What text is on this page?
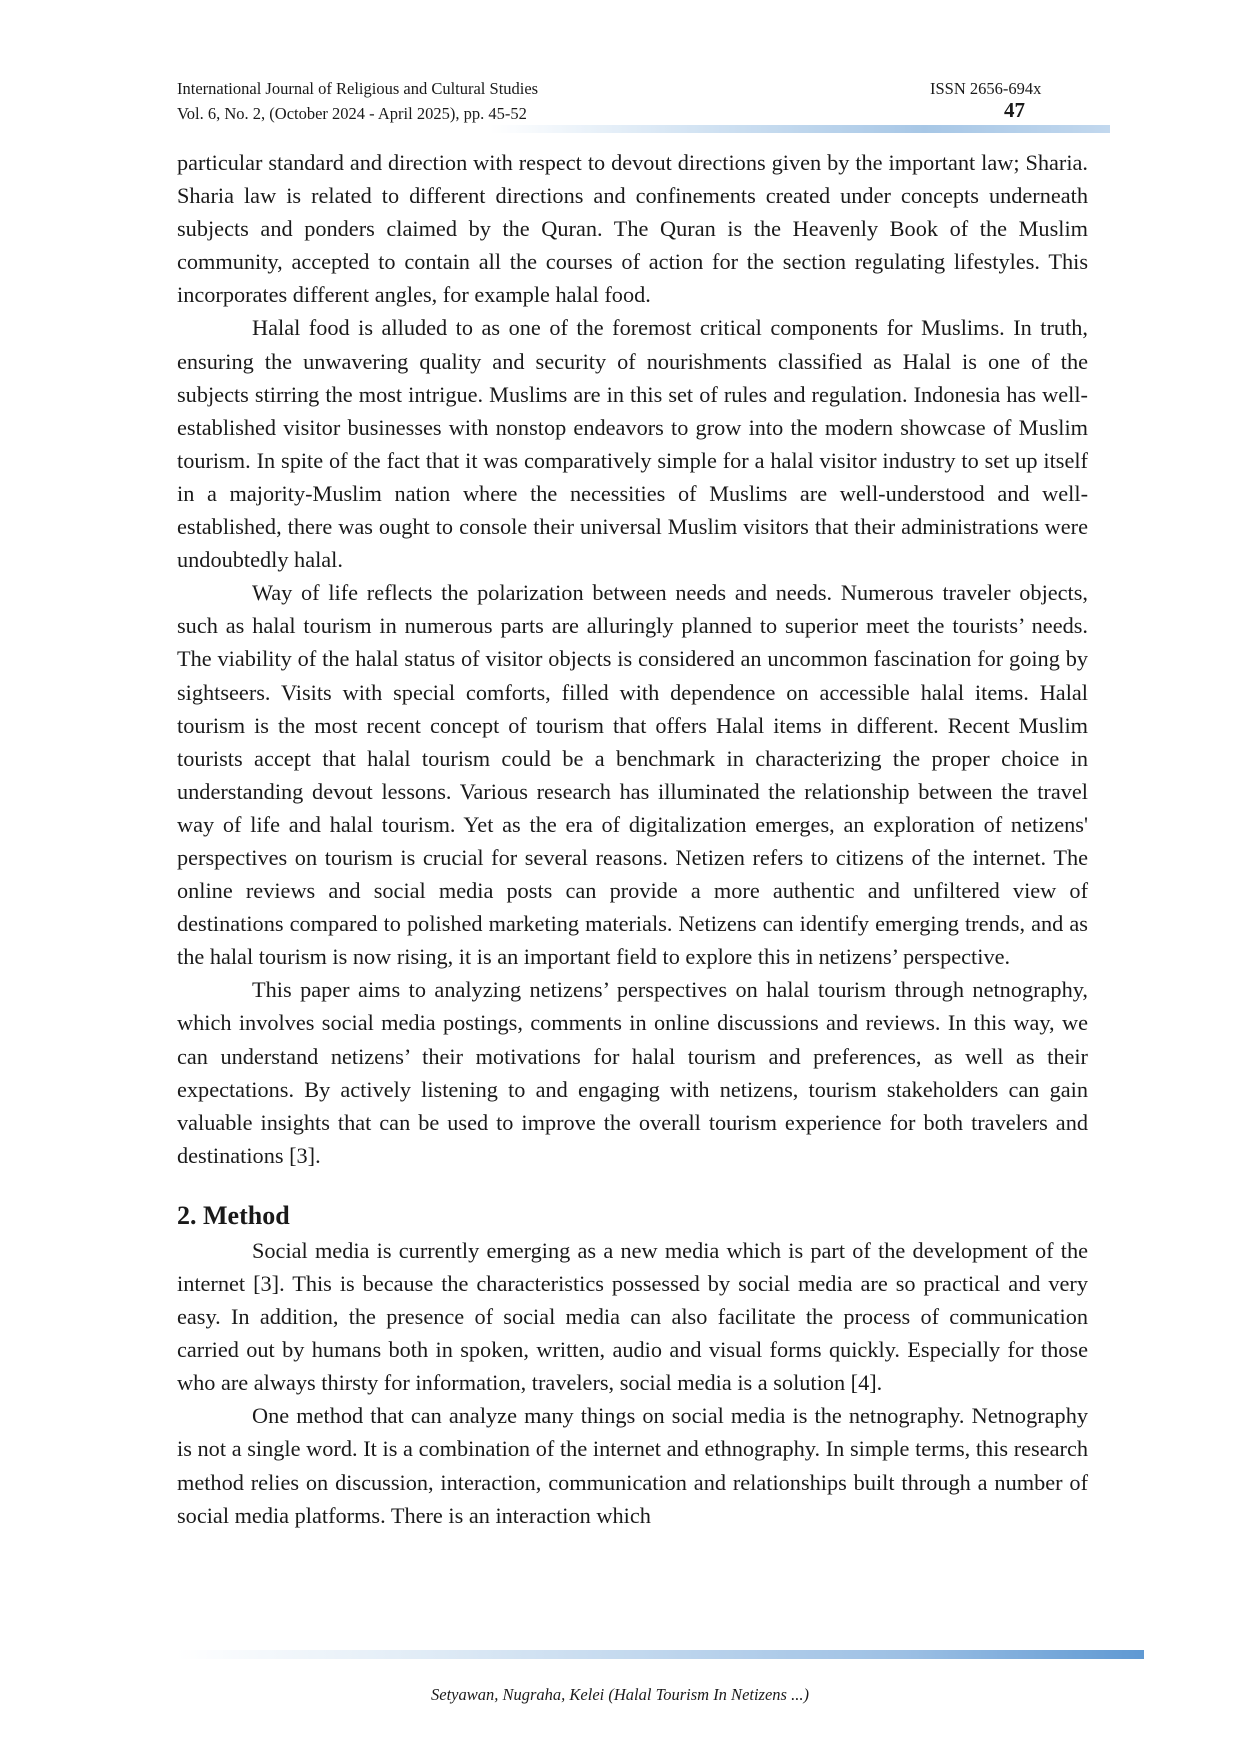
International Journal of Religious and Cultural Studies
Vol. 6, No. 2, (October 2024 - April 2025), pp. 45-52
ISSN 2656-694x
47

particular standard and direction with respect to devout directions given by the important law; Sharia. Sharia law is related to different directions and confinements created under concepts underneath subjects and ponders claimed by the Quran. The Quran is the Heavenly Book of the Muslim community, accepted to contain all the courses of action for the section regulating lifestyles. This incorporates different angles, for example halal food.

Halal food is alluded to as one of the foremost critical components for Muslims. In truth, ensuring the unwavering quality and security of nourishments classified as Halal is one of the subjects stirring the most intrigue. Muslims are in this set of rules and regulation. Indonesia has well-established visitor businesses with nonstop endeavors to grow into the modern showcase of Muslim tourism. In spite of the fact that it was comparatively simple for a halal visitor industry to set up itself in a majority-Muslim nation where the necessities of Muslims are well-understood and well-established, there was ought to console their universal Muslim visitors that their administrations were undoubtedly halal.

Way of life reflects the polarization between needs and needs. Numerous traveler objects, such as halal tourism in numerous parts are alluringly planned to superior meet the tourists’ needs. The viability of the halal status of visitor objects is considered an uncommon fascination for going by sightseers. Visits with special comforts, filled with dependence on accessible halal items. Halal tourism is the most recent concept of tourism that offers Halal items in different. Recent Muslim tourists accept that halal tourism could be a benchmark in characterizing the proper choice in understanding devout lessons. Various research has illuminated the relationship between the travel way of life and halal tourism. Yet as the era of digitalization emerges, an exploration of netizens' perspectives on tourism is crucial for several reasons. Netizen refers to citizens of the internet. The online reviews and social media posts can provide a more authentic and unfiltered view of destinations compared to polished marketing materials. Netizens can identify emerging trends, and as the halal tourism is now rising, it is an important field to explore this in netizens’ perspective.

This paper aims to analyzing netizens’ perspectives on halal tourism through netnography, which involves social media postings, comments in online discussions and reviews. In this way, we can understand netizens’ their motivations for halal tourism and preferences, as well as their expectations. By actively listening to and engaging with netizens, tourism stakeholders can gain valuable insights that can be used to improve the overall tourism experience for both travelers and destinations [3].

2. Method

Social media is currently emerging as a new media which is part of the development of the internet [3]. This is because the characteristics possessed by social media are so practical and very easy. In addition, the presence of social media can also facilitate the process of communication carried out by humans both in spoken, written, audio and visual forms quickly. Especially for those who are always thirsty for information, travelers, social media is a solution [4].

One method that can analyze many things on social media is the netnography. Netnography is not a single word. It is a combination of the internet and ethnography. In simple terms, this research method relies on discussion, interaction, communication and relationships built through a number of social media platforms. There is an interaction which

Setyawan, Nugraha, Kelei (Halal Tourism In Netizens ...)
